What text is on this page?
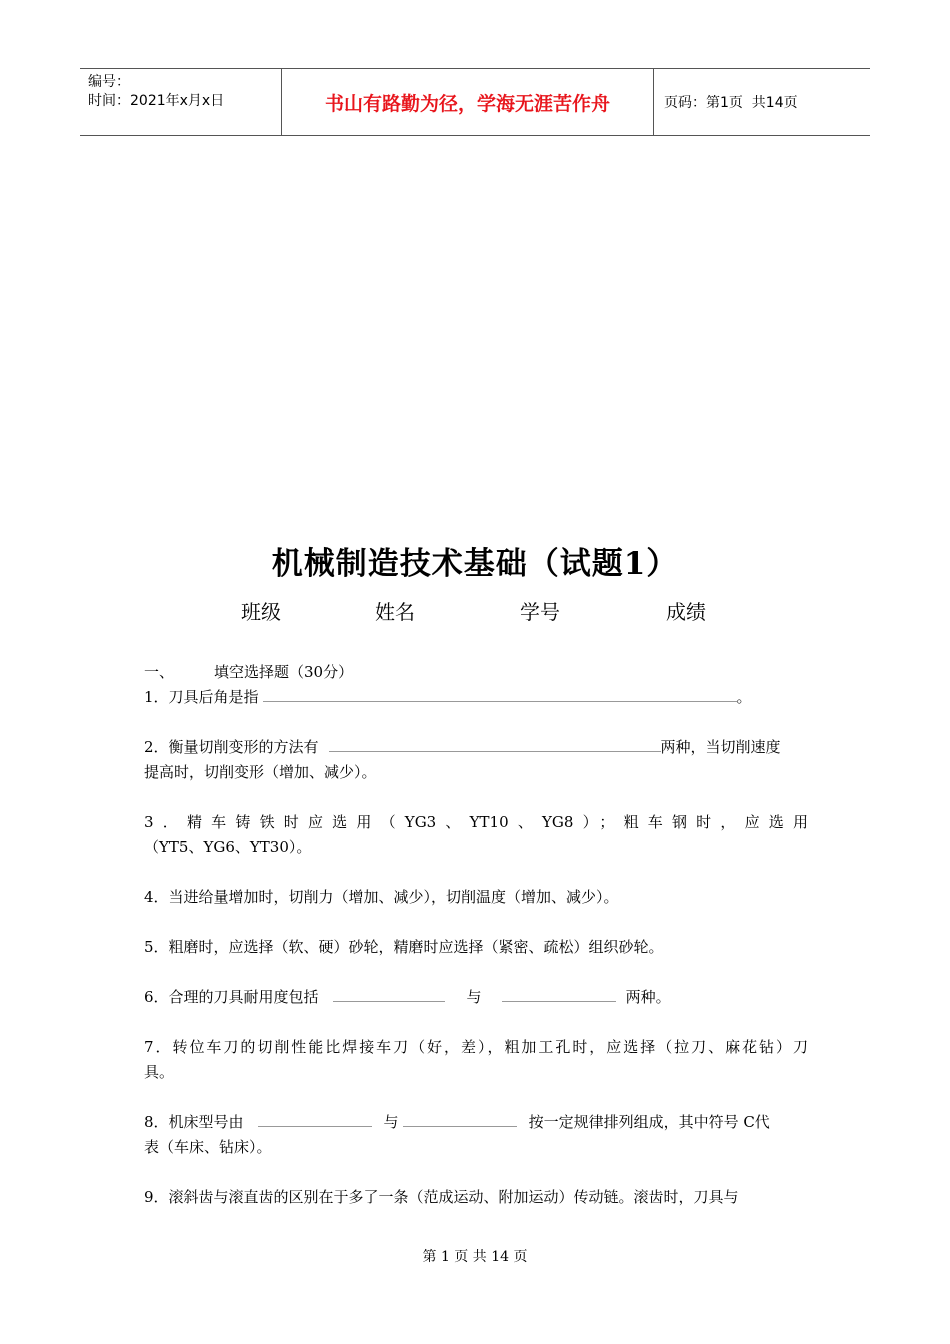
编号：
时间：2021年x月x日	书山有路勤为径，学海无涯苦作舟	页码：第1页  共14页
机械制造技术基础（试题1）
班级	姓名	学号	成绩
一、	填空选择题（30分）
1．刀具后角是指	。
2．衡量切削变形的方法有	两种，当切削速度
提高时，切削变形（增加、减少）。
3．精车铸铁时应选用（YG3、YT10、YG8）；粗车钢时，应选用
（YT5、YG6、YT30）。
4．当进给量增加时，切削力（增加、减少），切削温度（增加、减少）。
5．粗磨时，应选择（软、硬）砂轮，精磨时应选择（紧密、疏松）组织砂轮。
6．合理的刀具耐用度包括	与	两种。
7．转位车刀的切削性能比焊接车刀（好，差），粗加工孔时，应选择（拉刀、麻花钻）刀
具。
8．机床型号由	与	按一定规律排列组成，其中符号 C代
表（车床、钻床）。
9．滚斜齿与滚直齿的区别在于多了一条（范成运动、附加运动）传动链。滚齿时，刀具与
第 1 页 共 14 页
